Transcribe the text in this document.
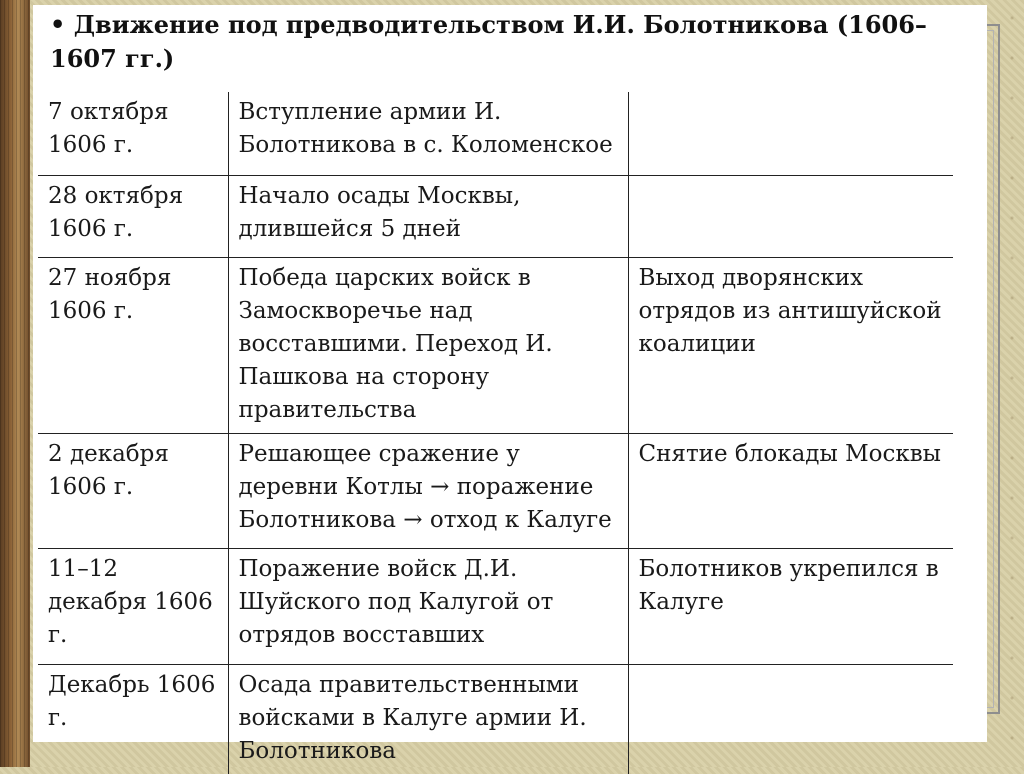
• Движение под предводительством И.И. Болотникова (1606–1607 гг.)
7 октября 1606 г.	Вступление армии И. Болотникова в с. Коломенское	
28 октября 1606 г.	Начало осады Москвы, длившейся 5 дней	
27 ноября 1606 г.	Победа царских войск в Замоскворечье над восставшими. Переход И. Пашкова на сторону правительства	Выход дворянских отрядов из антишуйской коалиции
2 декабря 1606 г.	Решающее сражение у деревни Котлы → поражение Болотникова → отход к Калуге	Снятие блокады Москвы
11–12 декабря 1606 г.	Поражение войск Д.И. Шуйского под Калугой от отрядов восставших	Болотников укрепился в Калуге
Декабрь 1606 г.	Осада правительственными войсками в Калуге армии И. Болотникова	
